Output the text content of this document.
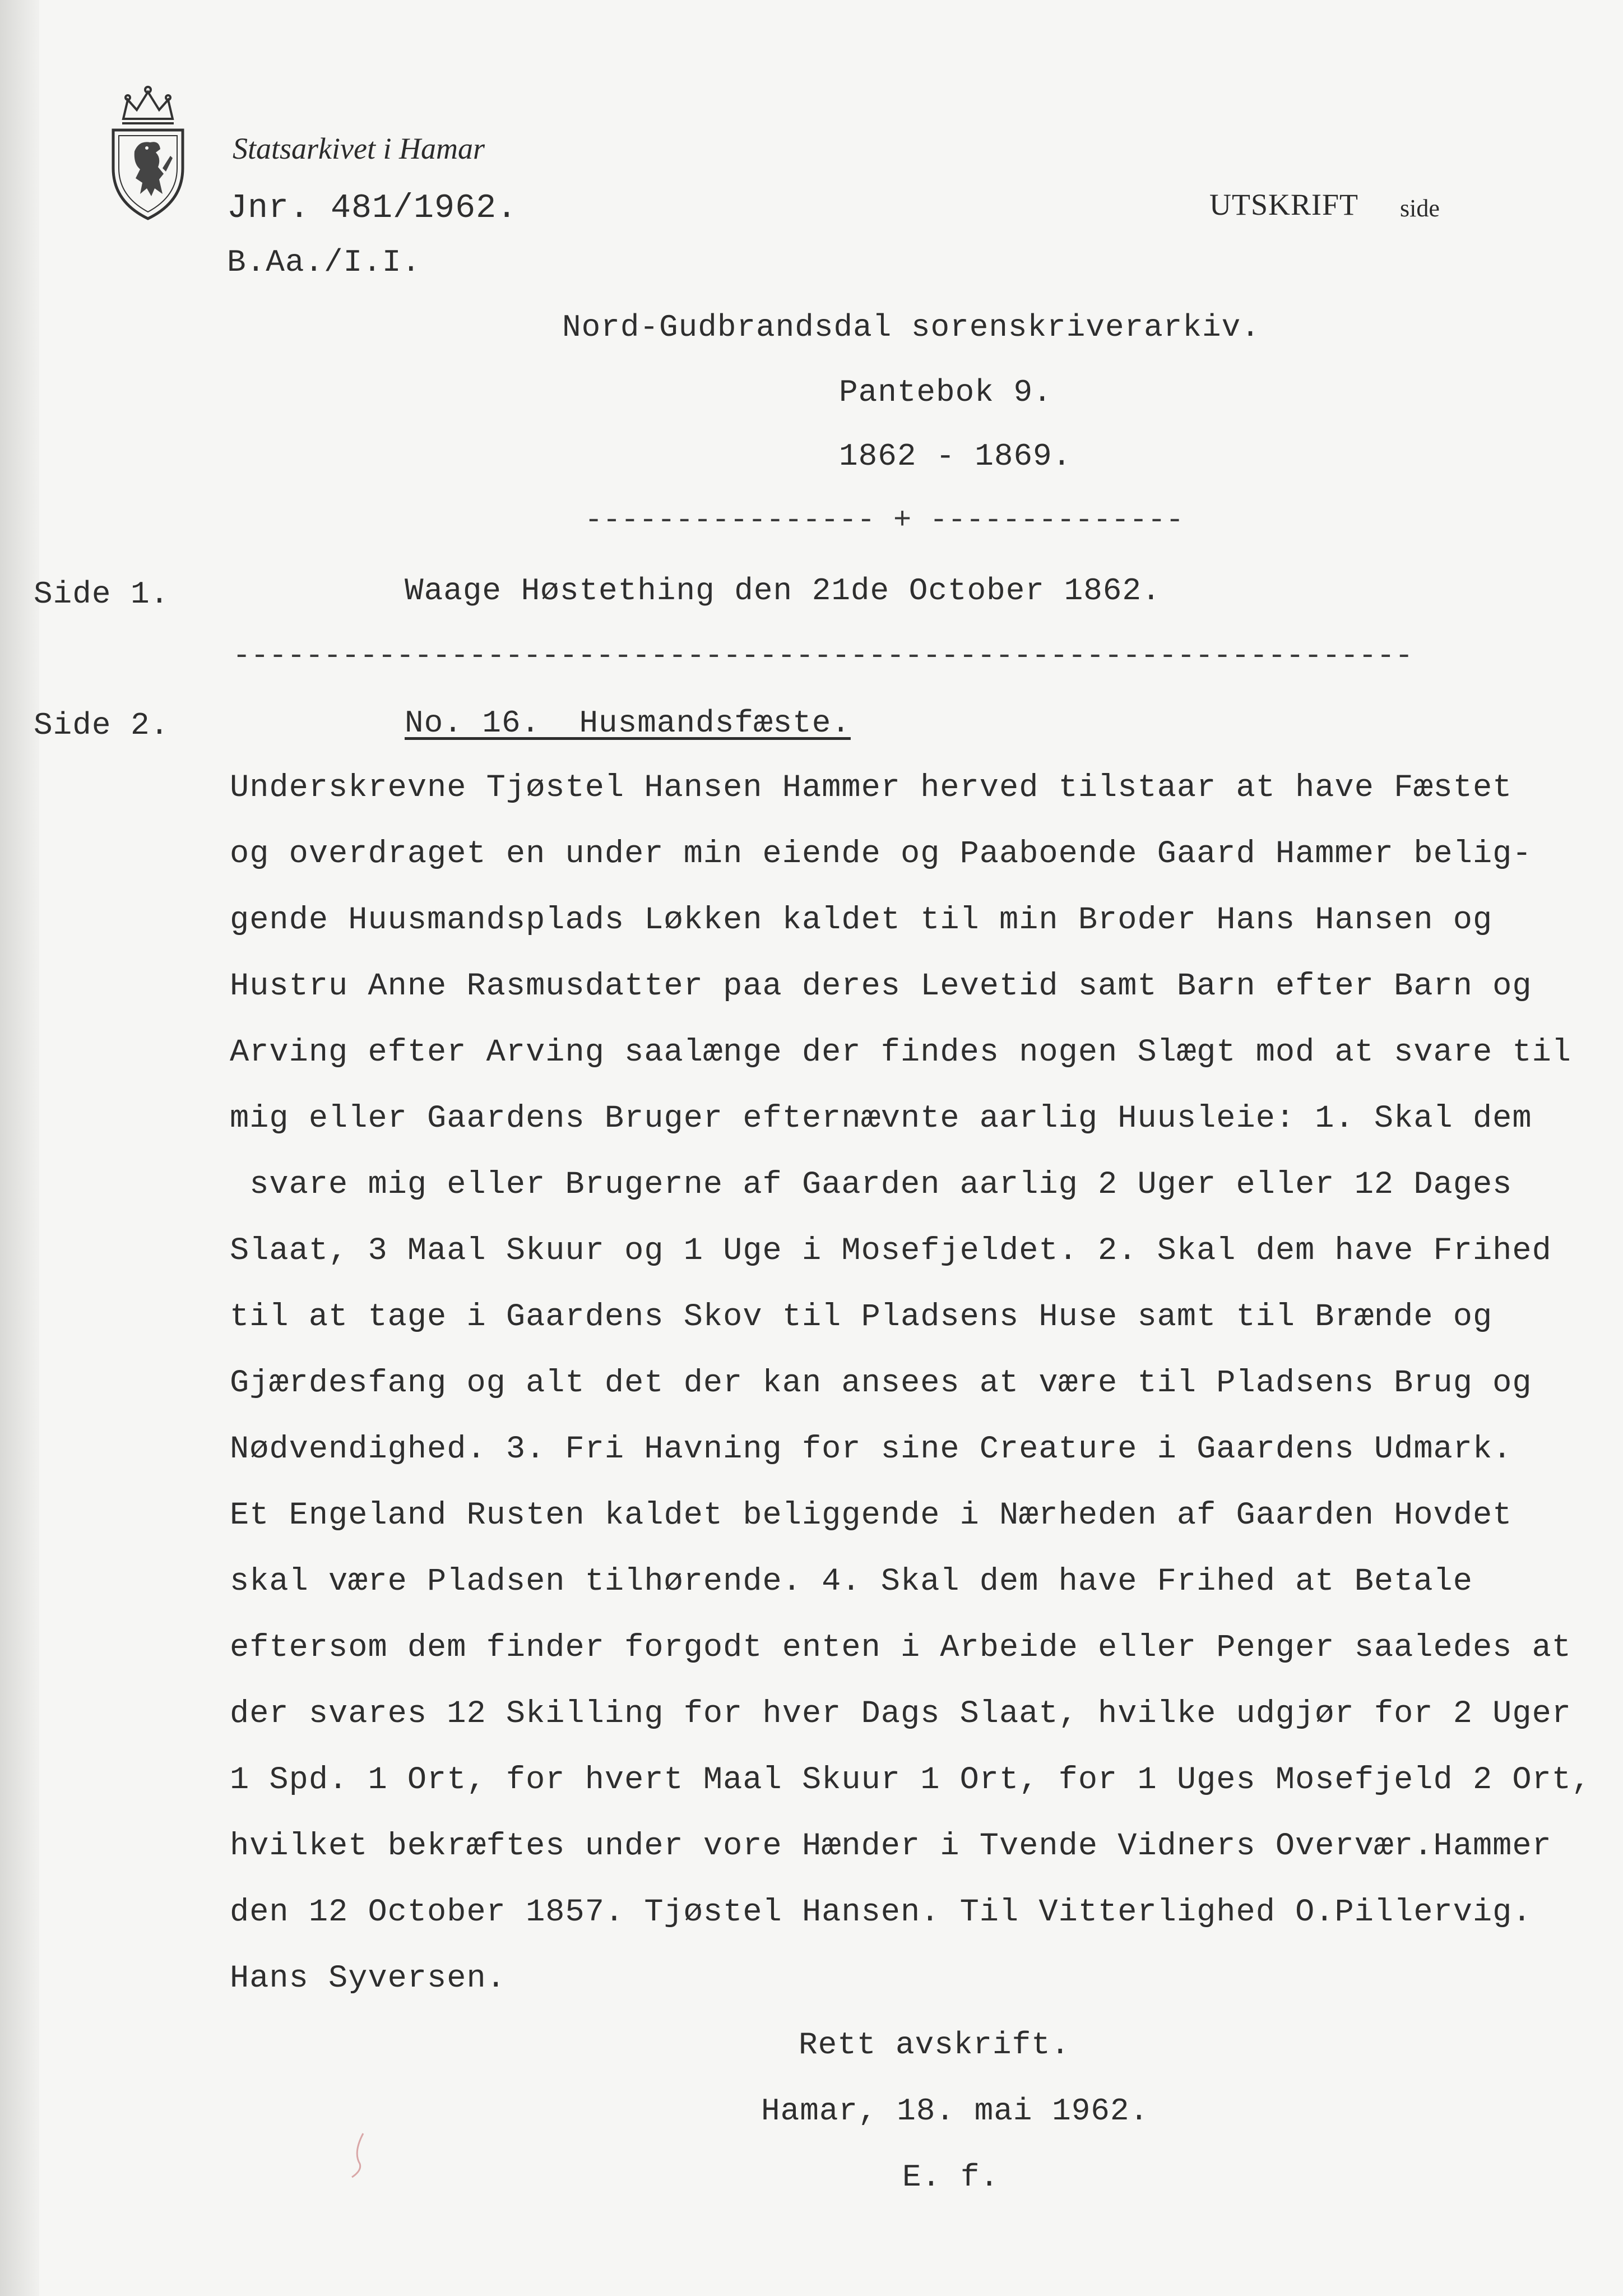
Statsarkivet i Hamar
Jnr. 481/1962.
B.Aa./I.I.
UTSKRIFT side
Nord-Gudbrandsdal sorenskriverarkiv.
Pantebok 9.
1862 - 1869.
---------------- + --------------
Side 1.	Waage Høstething den 21de October 1862.
-----------------------------------------------------------------
Side 2.	No. 16.  Husmandsfæste.
Underskrevne Tjøstel Hansen Hammer herved tilstaar at have Fæstet
og overdraget en under min eiende og Paaboende Gaard Hammer belig-
gende Huusmandsplads Løkken kaldet til min Broder Hans Hansen og
Hustru Anne Rasmusdatter paa deres Levetid samt Barn efter Barn og
Arving efter Arving saalænge der findes nogen Slægt mod at svare til
mig eller Gaardens Bruger efternævnte aarlig Huusleie: 1. Skal dem
svare mig eller Brugerne af Gaarden aarlig 2 Uger eller 12 Dages
Slaat, 3 Maal Skuur og 1 Uge i Mosefjeldet. 2. Skal dem have Frihed
til at tage i Gaardens Skov til Pladsens Huse samt til Brænde og
Gjærdesfang og alt det der kan ansees at være til Pladsens Brug og
Nødvendighed. 3. Fri Havning for sine Creature i Gaardens Udmark.
Et Engeland Rusten kaldet beliggende i Nærheden af Gaarden Hovdet
skal være Pladsen tilhørende. 4. Skal dem have Frihed at Betale
eftersom dem finder forgodt enten i Arbeide eller Penger saaledes at
der svares 12 Skilling for hver Dags Slaat, hvilke udgjør for 2 Uger
1 Spd. 1 Ort, for hvert Maal Skuur 1 Ort, for 1 Uges Mosefjeld 2 Ort,
hvilket bekræftes under vore Hænder i Tvende Vidners Overvær.Hammer
den 12 October 1857. Tjøstel Hansen. Til Vitterlighed O.Pillervig.
Hans Syversen.
Rett avskrift.
Hamar, 18. mai 1962.
E. f.
